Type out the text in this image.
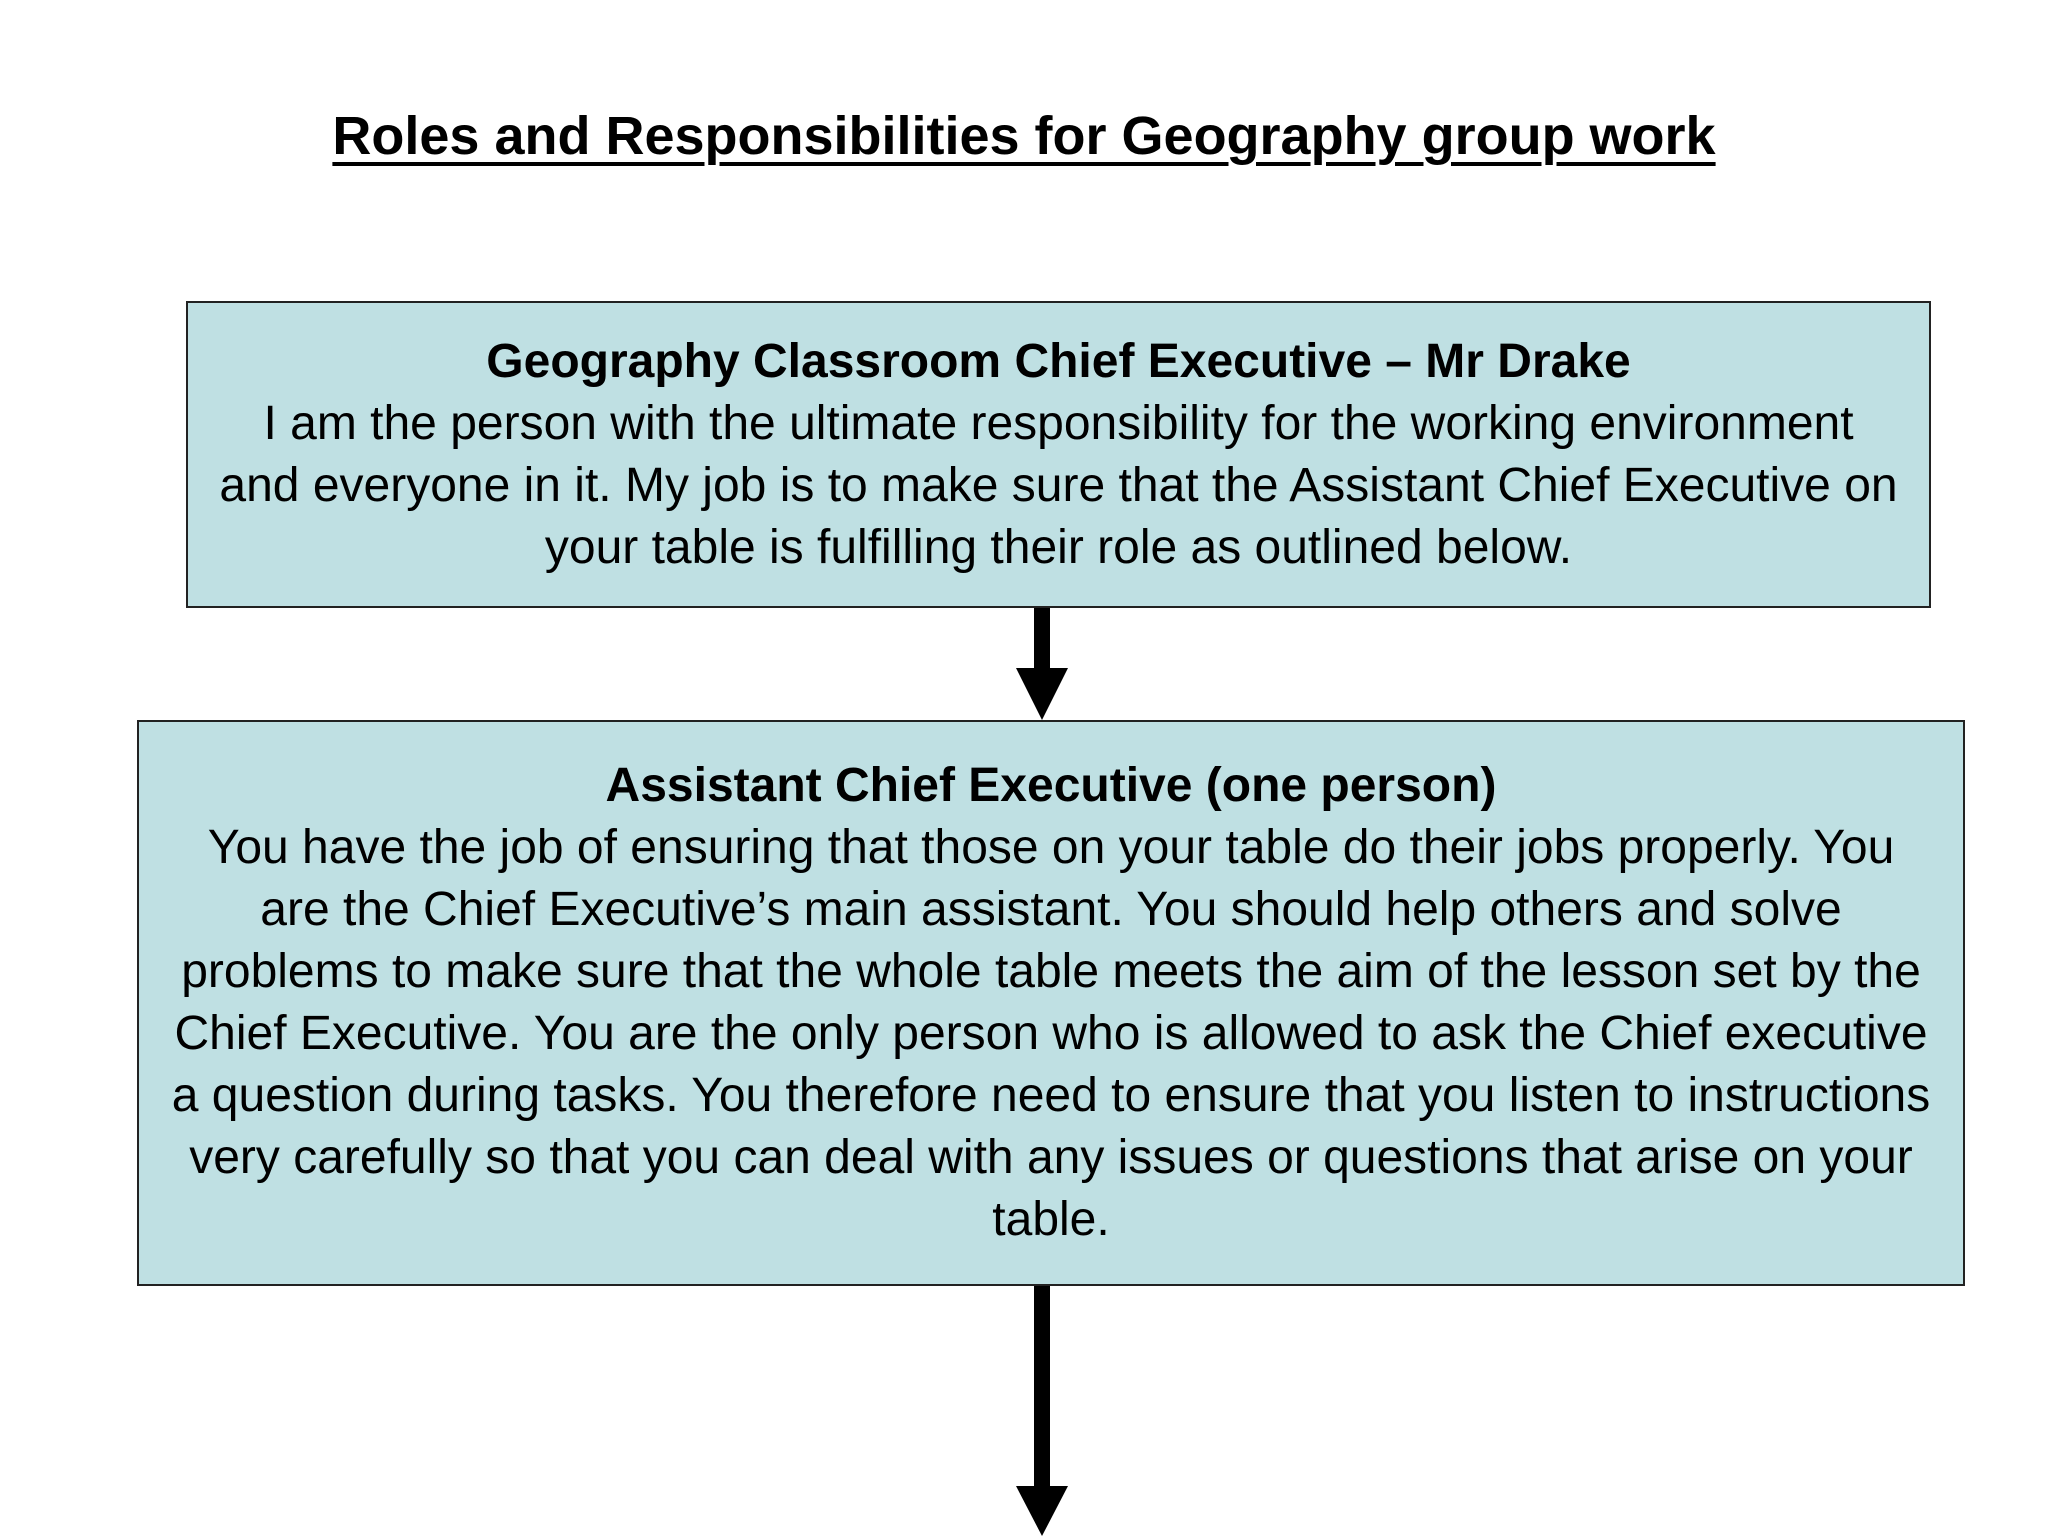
Roles and Responsibilities for Geography group work

Geography Classroom Chief Executive – Mr Drake

I am the person with the ultimate responsibility for the working environment and everyone in it. My job is to make sure that the Assistant Chief Executive on your table is fulfilling their role as outlined below.

Assistant Chief Executive (one person)

You have the job of ensuring that those on your table do their jobs properly. You are the Chief Executive’s main assistant. You should help others and solve problems to make sure that the whole table meets the aim of the lesson set by the Chief Executive. You are the only person who is allowed to ask the Chief executive a question during tasks. You therefore need to ensure that you listen to instructions very carefully so that you can deal with any issues or questions that arise on your table.
